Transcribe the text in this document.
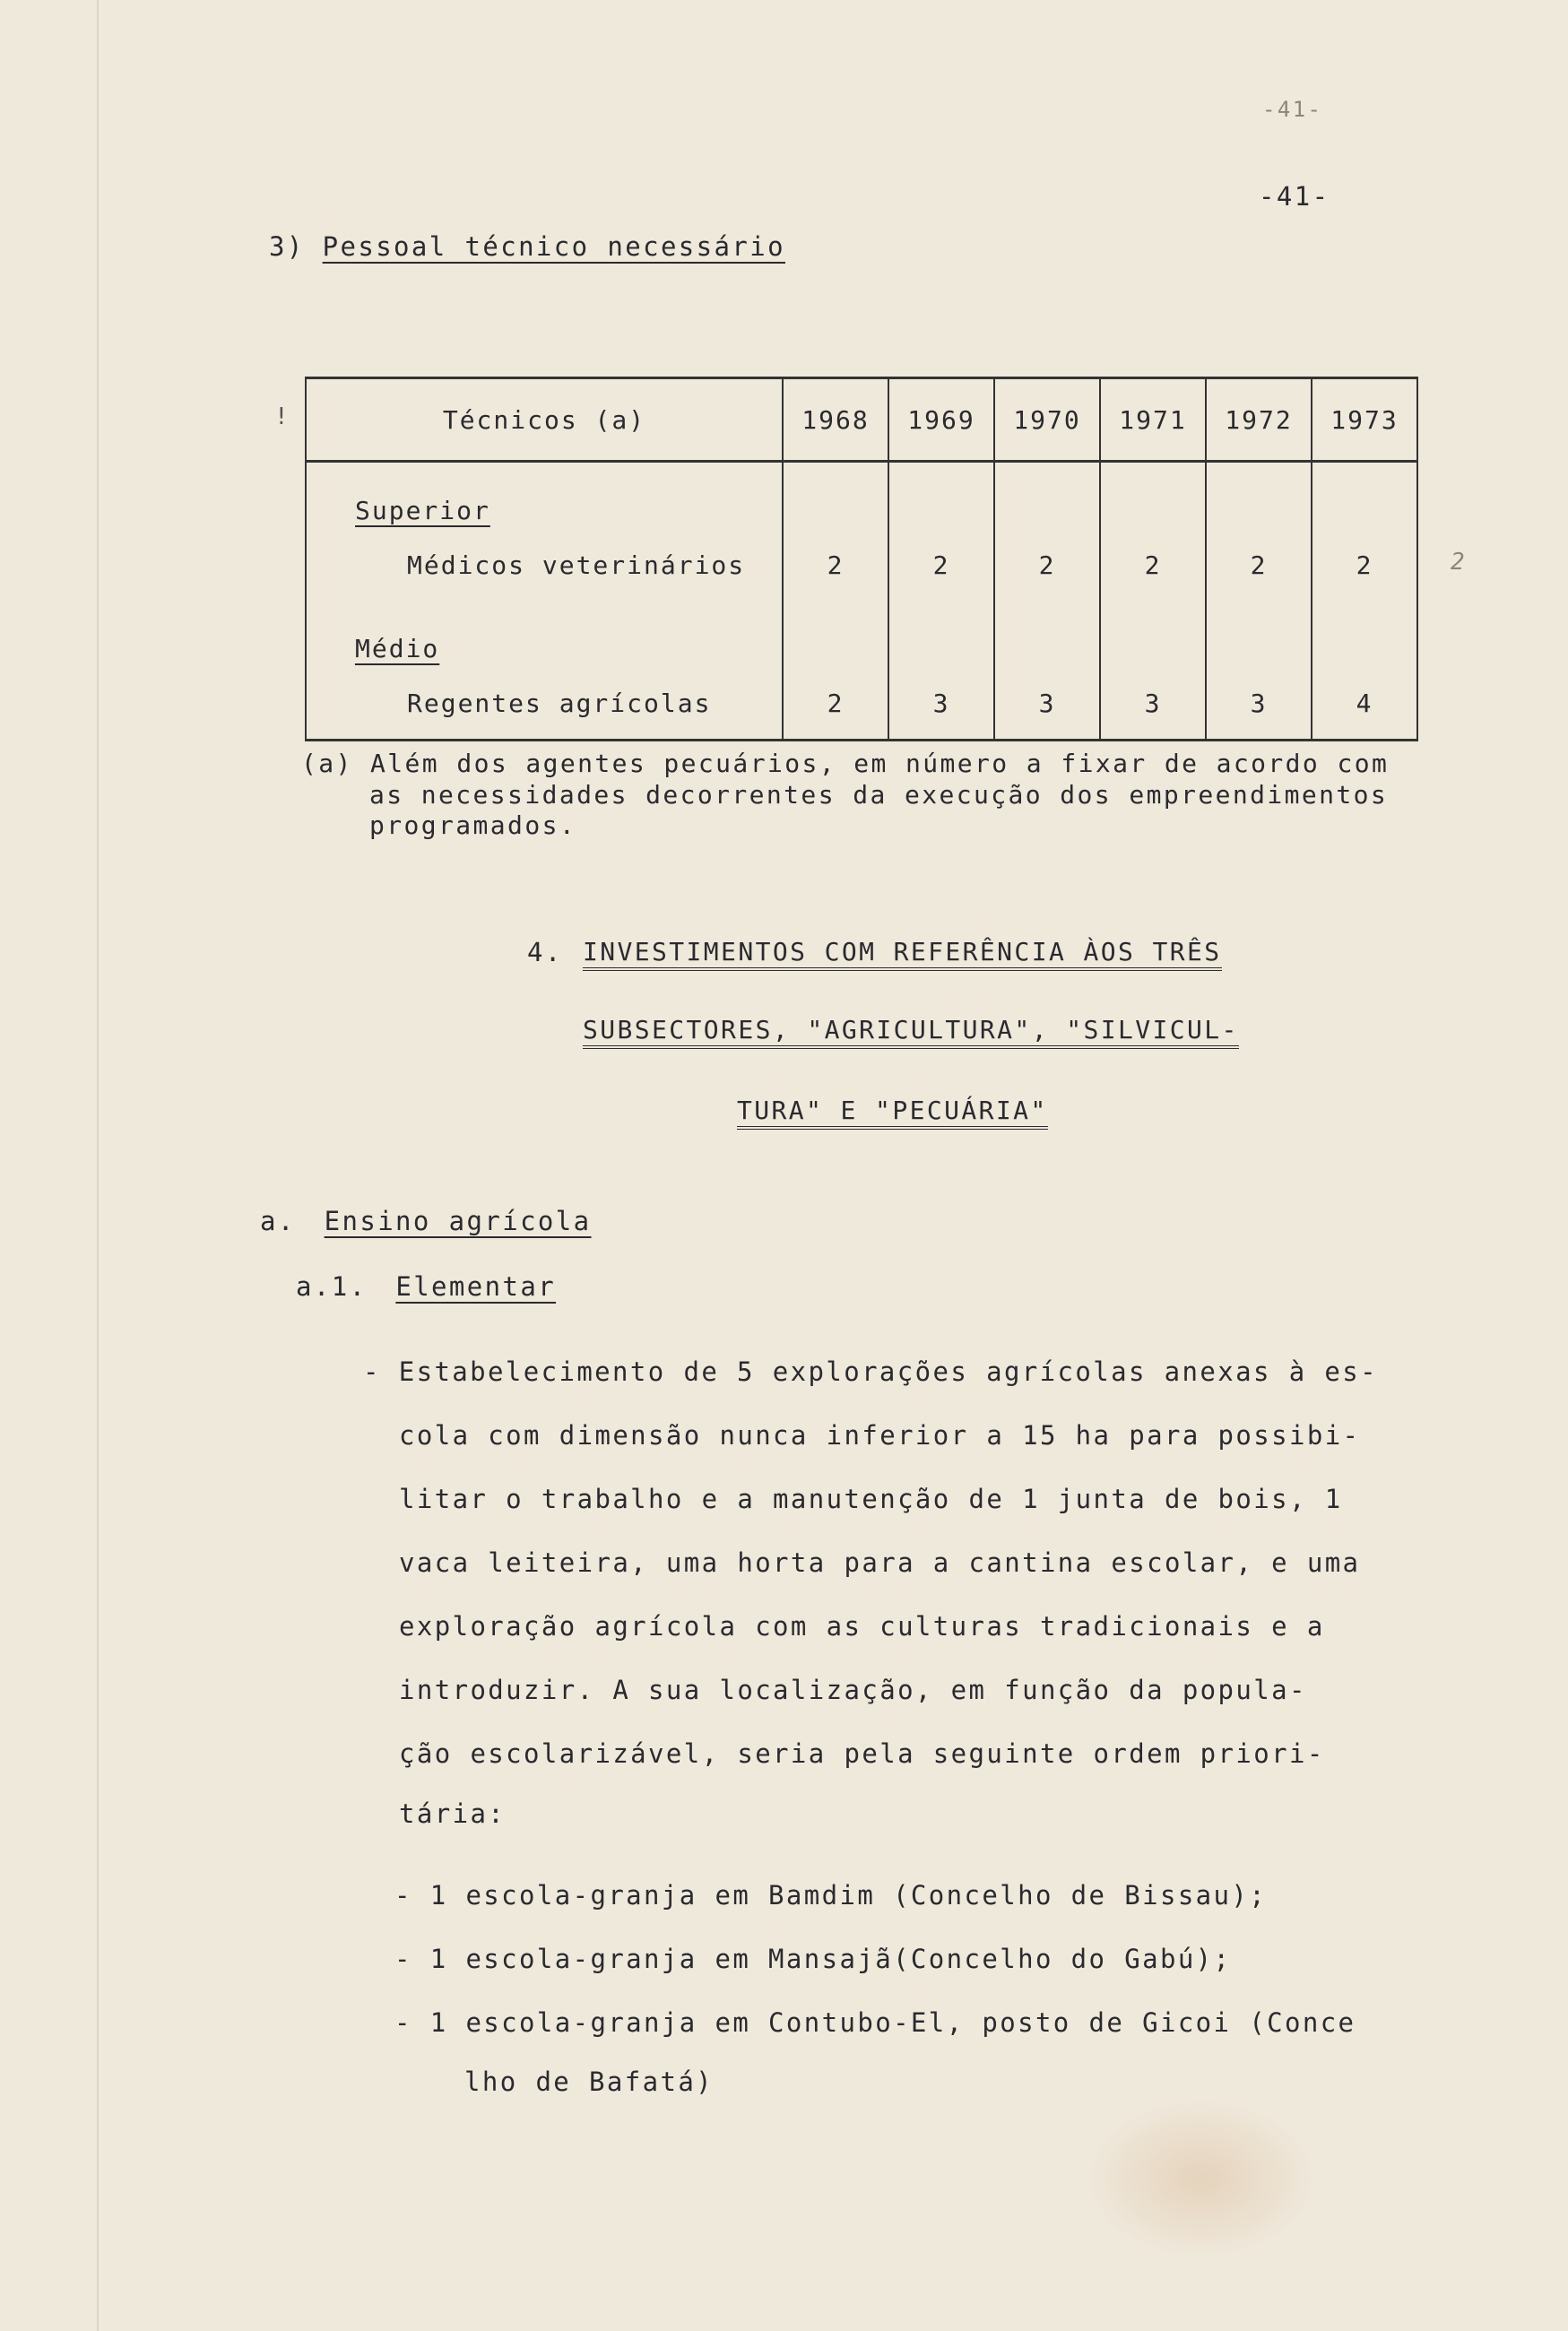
-41-
-41-
3) Pessoal técnico necessário
!	Técnicos (a)	1968	1969	1970	1971	1972	1973
Superior						
Médicos veterinários	2	2	2	2	2	2
Médio						
Regentes agrícolas	2	3	3	3	3	4
2
(a) Além dos agentes pecuários, em número a fixar de acordo com
as necessidades decorrentes da execução dos empreendimentos
programados.
4. INVESTIMENTOS COM REFERÊNCIA ÀOS TRÊS
SUBSECTORES, "AGRICULTURA", "SILVICUL-
TURA" E "PECUÁRIA"
a. Ensino agrícola
a.1. Elementar
- Estabelecimento de 5 explorações agrícolas anexas à es-
cola com dimensão nunca inferior a 15 ha para possibi-
litar o trabalho e a manutenção de 1 junta de bois, 1
vaca leiteira, uma horta para a cantina escolar, e uma
exploração agrícola com as culturas tradicionais e a
introduzir. A sua localização, em função da popula-
ção escolarizável, seria pela seguinte ordem priori-
tária:
- 1 escola-granja em Bamdim (Concelho de Bissau);
- 1 escola-granja em Mansajã(Concelho do Gabú);
- 1 escola-granja em Contubo-El, posto de Gicoi (Conce
lho de Bafatá)
